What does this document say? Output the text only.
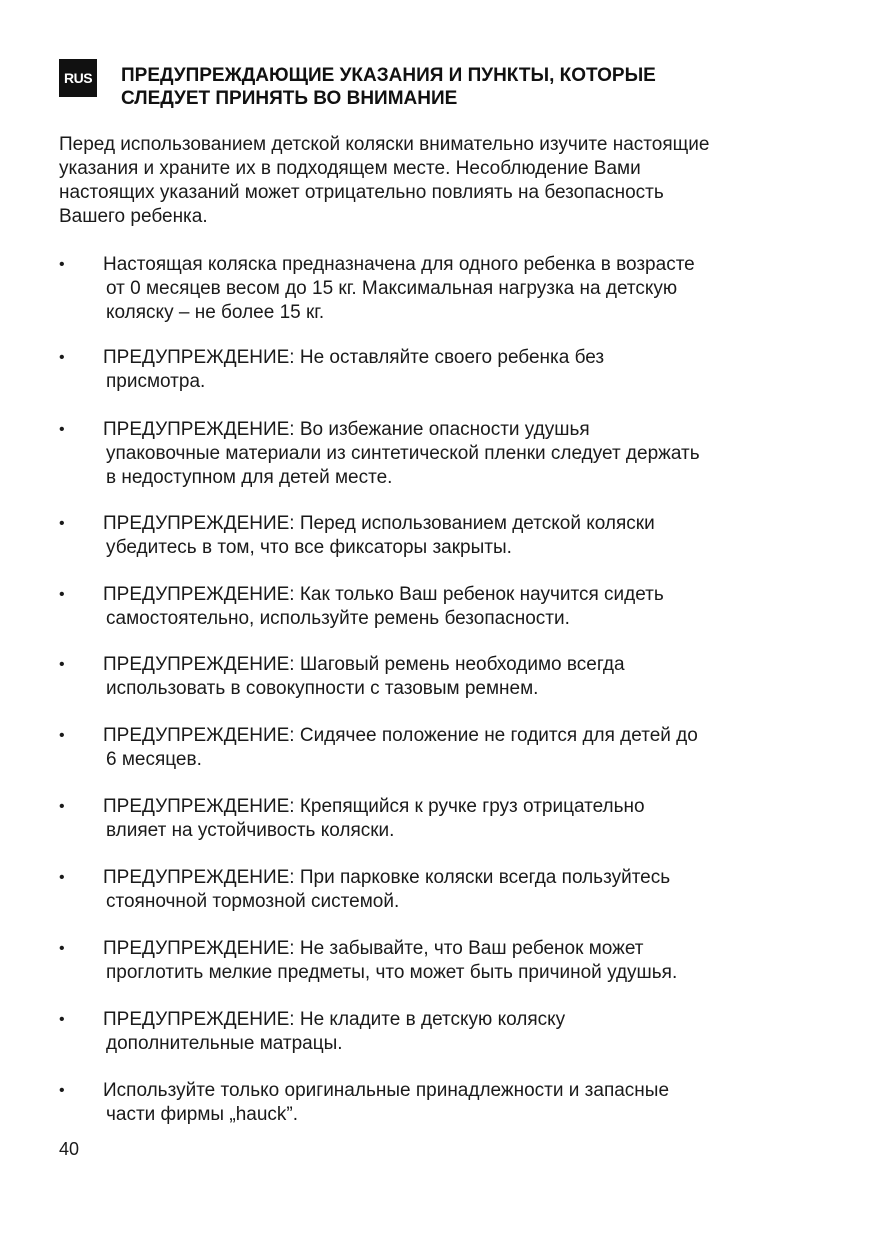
RUS ПРЕДУПРЕЖДАЮЩИЕ УКАЗАНИЯ И ПУНКТЫ, КОТОРЫЕ
СЛЕДУЕТ ПРИНЯТЬ ВО ВНИМАНИЕ

Перед использованием детской коляски внимательно изучите настоящие
указания и храните их в подходящем месте. Несоблюдение Вами
настоящих указаний может отрицательно повлиять на безопасность
Вашего ребенка.

• Настоящая коляска предназначена для одного ребенка в возрасте
от 0 месяцев весом до 15 кг. Максимальная нагрузка на детскую
коляску – не более 15 кг.
• ПРЕДУПРЕЖДЕНИЕ: Не оставляйте своего ребенка без
присмотра.
• ПРЕДУПРЕЖДЕНИЕ: Во избежание опасности удушья
упаковочные материали из синтетической пленки следует держать
в недоступном для детей месте.
• ПРЕДУПРЕЖДЕНИЕ: Перед использованием детской коляски
убедитесь в том, что все фиксаторы закрыты.
• ПРЕДУПРЕЖДЕНИЕ: Как только Ваш ребенок научится сидеть
самостоятельно, используйте ремень безопасности.
• ПРЕДУПРЕЖДЕНИЕ: Шаговый ремень необходимо всегда
использовать в совокупности с тазовым ремнем.
• ПРЕДУПРЕЖДЕНИЕ: Сидячее положение не годится для детей до
6 месяцев.
• ПРЕДУПРЕЖДЕНИЕ: Крепящийся к ручке груз отрицательно
влияет на устойчивость коляски.
• ПРЕДУПРЕЖДЕНИЕ: При парковке коляски всегда пользуйтесь
стояночной тормозной системой.
• ПРЕДУПРЕЖДЕНИЕ: Не забывайте, что Ваш ребенок может
проглотить мелкие предметы, что может быть причиной удушья.
• ПРЕДУПРЕЖДЕНИЕ: Не кладите в детскую коляску
дополнительные матрацы.
• Используйте только оригинальные принадлежности и запасные
части фирмы „hauck”.
40
